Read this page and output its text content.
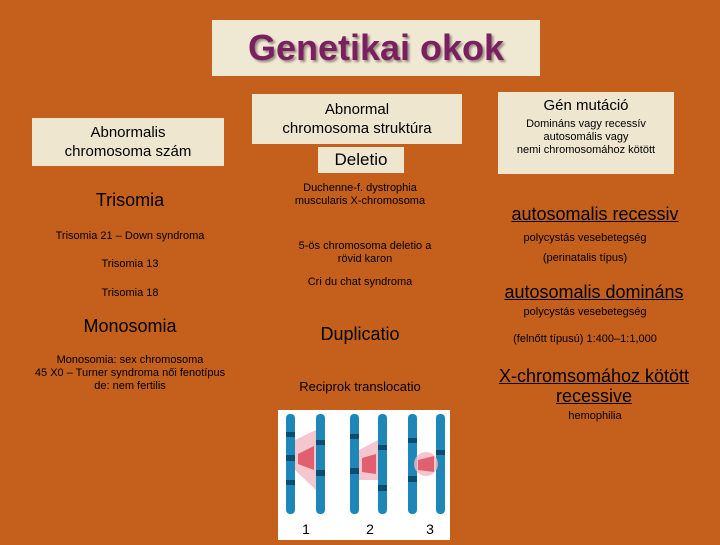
Genetikai okok
Abnormalis
chromosoma szám
Abnormal
chromosoma struktúra
Deletio
Gén mutáció
Domináns vagy recessív
autosomális vagy
nemi chromosomához kötött
Trisomia
Trisomia 21 – Down syndroma
Trisomia 13
Trisomia 18
Monosomia
Monosomia: sex chromosoma
45 X0 – Turner syndroma női fenotípus
de: nem fertilis
Duchenne-f. dystrophia
muscularis X-chromosoma
5-ös chromosoma deletio a
rövid karon
Cri du chat syndroma
Duplicatio
Reciprok translocatio
1	2	3
autosomalis recessiv
polycystás vesebetegség
(perinatalis típus)
autosomalis domináns
polycystás vesebetegség
(felnőtt típusú) 1:400–1:1,000
X-chromsomához kötött
recessive
hemophilia
